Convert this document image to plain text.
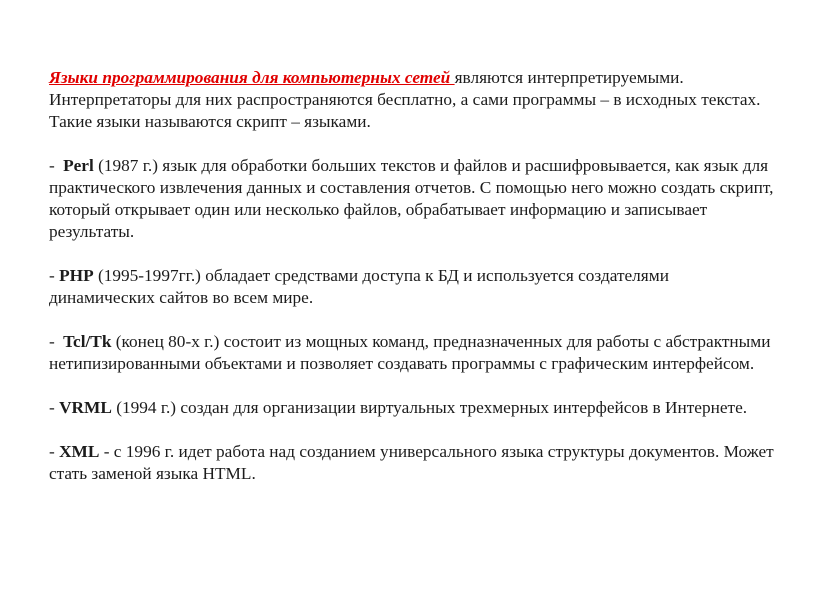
Языки программирования для компьютерных сетей являются интерпретируемыми. Интерпретаторы для них распространяются бесплатно, а сами программы – в исходных текстах. Такие языки называются скрипт – языками.

- Perl (1987 г.) язык для обработки больших текстов и файлов и расшифровывается, как язык для практического извлечения данных и составления отчетов. С помощью него можно создать скрипт, который открывает один или несколько файлов, обрабатывает информацию и записывает результаты.

- PHP (1995-1997гг.) обладает средствами доступа к БД и используется создателями динамических сайтов во всем мире.

- Tcl/Tk (конец 80-х г.) состоит из мощных команд, предназначенных для работы с абстрактными нетипизированными объектами и позволяет создавать программы с графическим интерфейсом.

- VRML (1994 г.) создан для организации виртуальных трехмерных интерфейсов в Интернете.

- XML - с 1996 г. идет работа над созданием универсального языка структуры документов. Может стать заменой языка HTML.
